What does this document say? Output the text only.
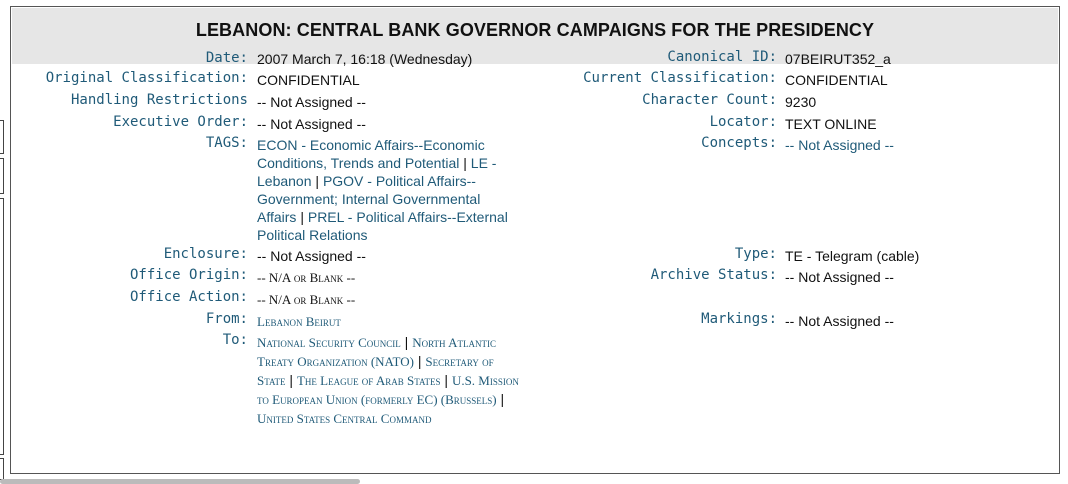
LEBANON: CENTRAL BANK GOVERNOR CAMPAIGNS FOR THE PRESIDENCY
Date: 2007 March 7, 16:18 (Wednesday)
Original Classification: CONFIDENTIAL
Handling Restrictions -- Not Assigned --
Executive Order: -- Not Assigned --
TAGS: ECON - Economic Affairs--Economic Conditions, Trends and Potential | LE - Lebanon | PGOV - Political Affairs--Government; Internal Governmental Affairs | PREL - Political Affairs--External Political Relations
Enclosure: -- Not Assigned --
Office Origin: -- N/A or Blank --
Office Action: -- N/A or Blank --
From: Lebanon Beirut
To: National Security Council | North Atlantic Treaty Organization (NATO) | Secretary of State | The League of Arab States | U.S. Mission to European Union (formerly EC) (Brussels) | United States Central Command
Canonical ID: 07BEIRUT352_a
Current Classification: CONFIDENTIAL
Character Count: 9230
Locator: TEXT ONLINE
Concepts: -- Not Assigned --
Type: TE - Telegram (cable)
Archive Status: -- Not Assigned --
Markings: -- Not Assigned --
